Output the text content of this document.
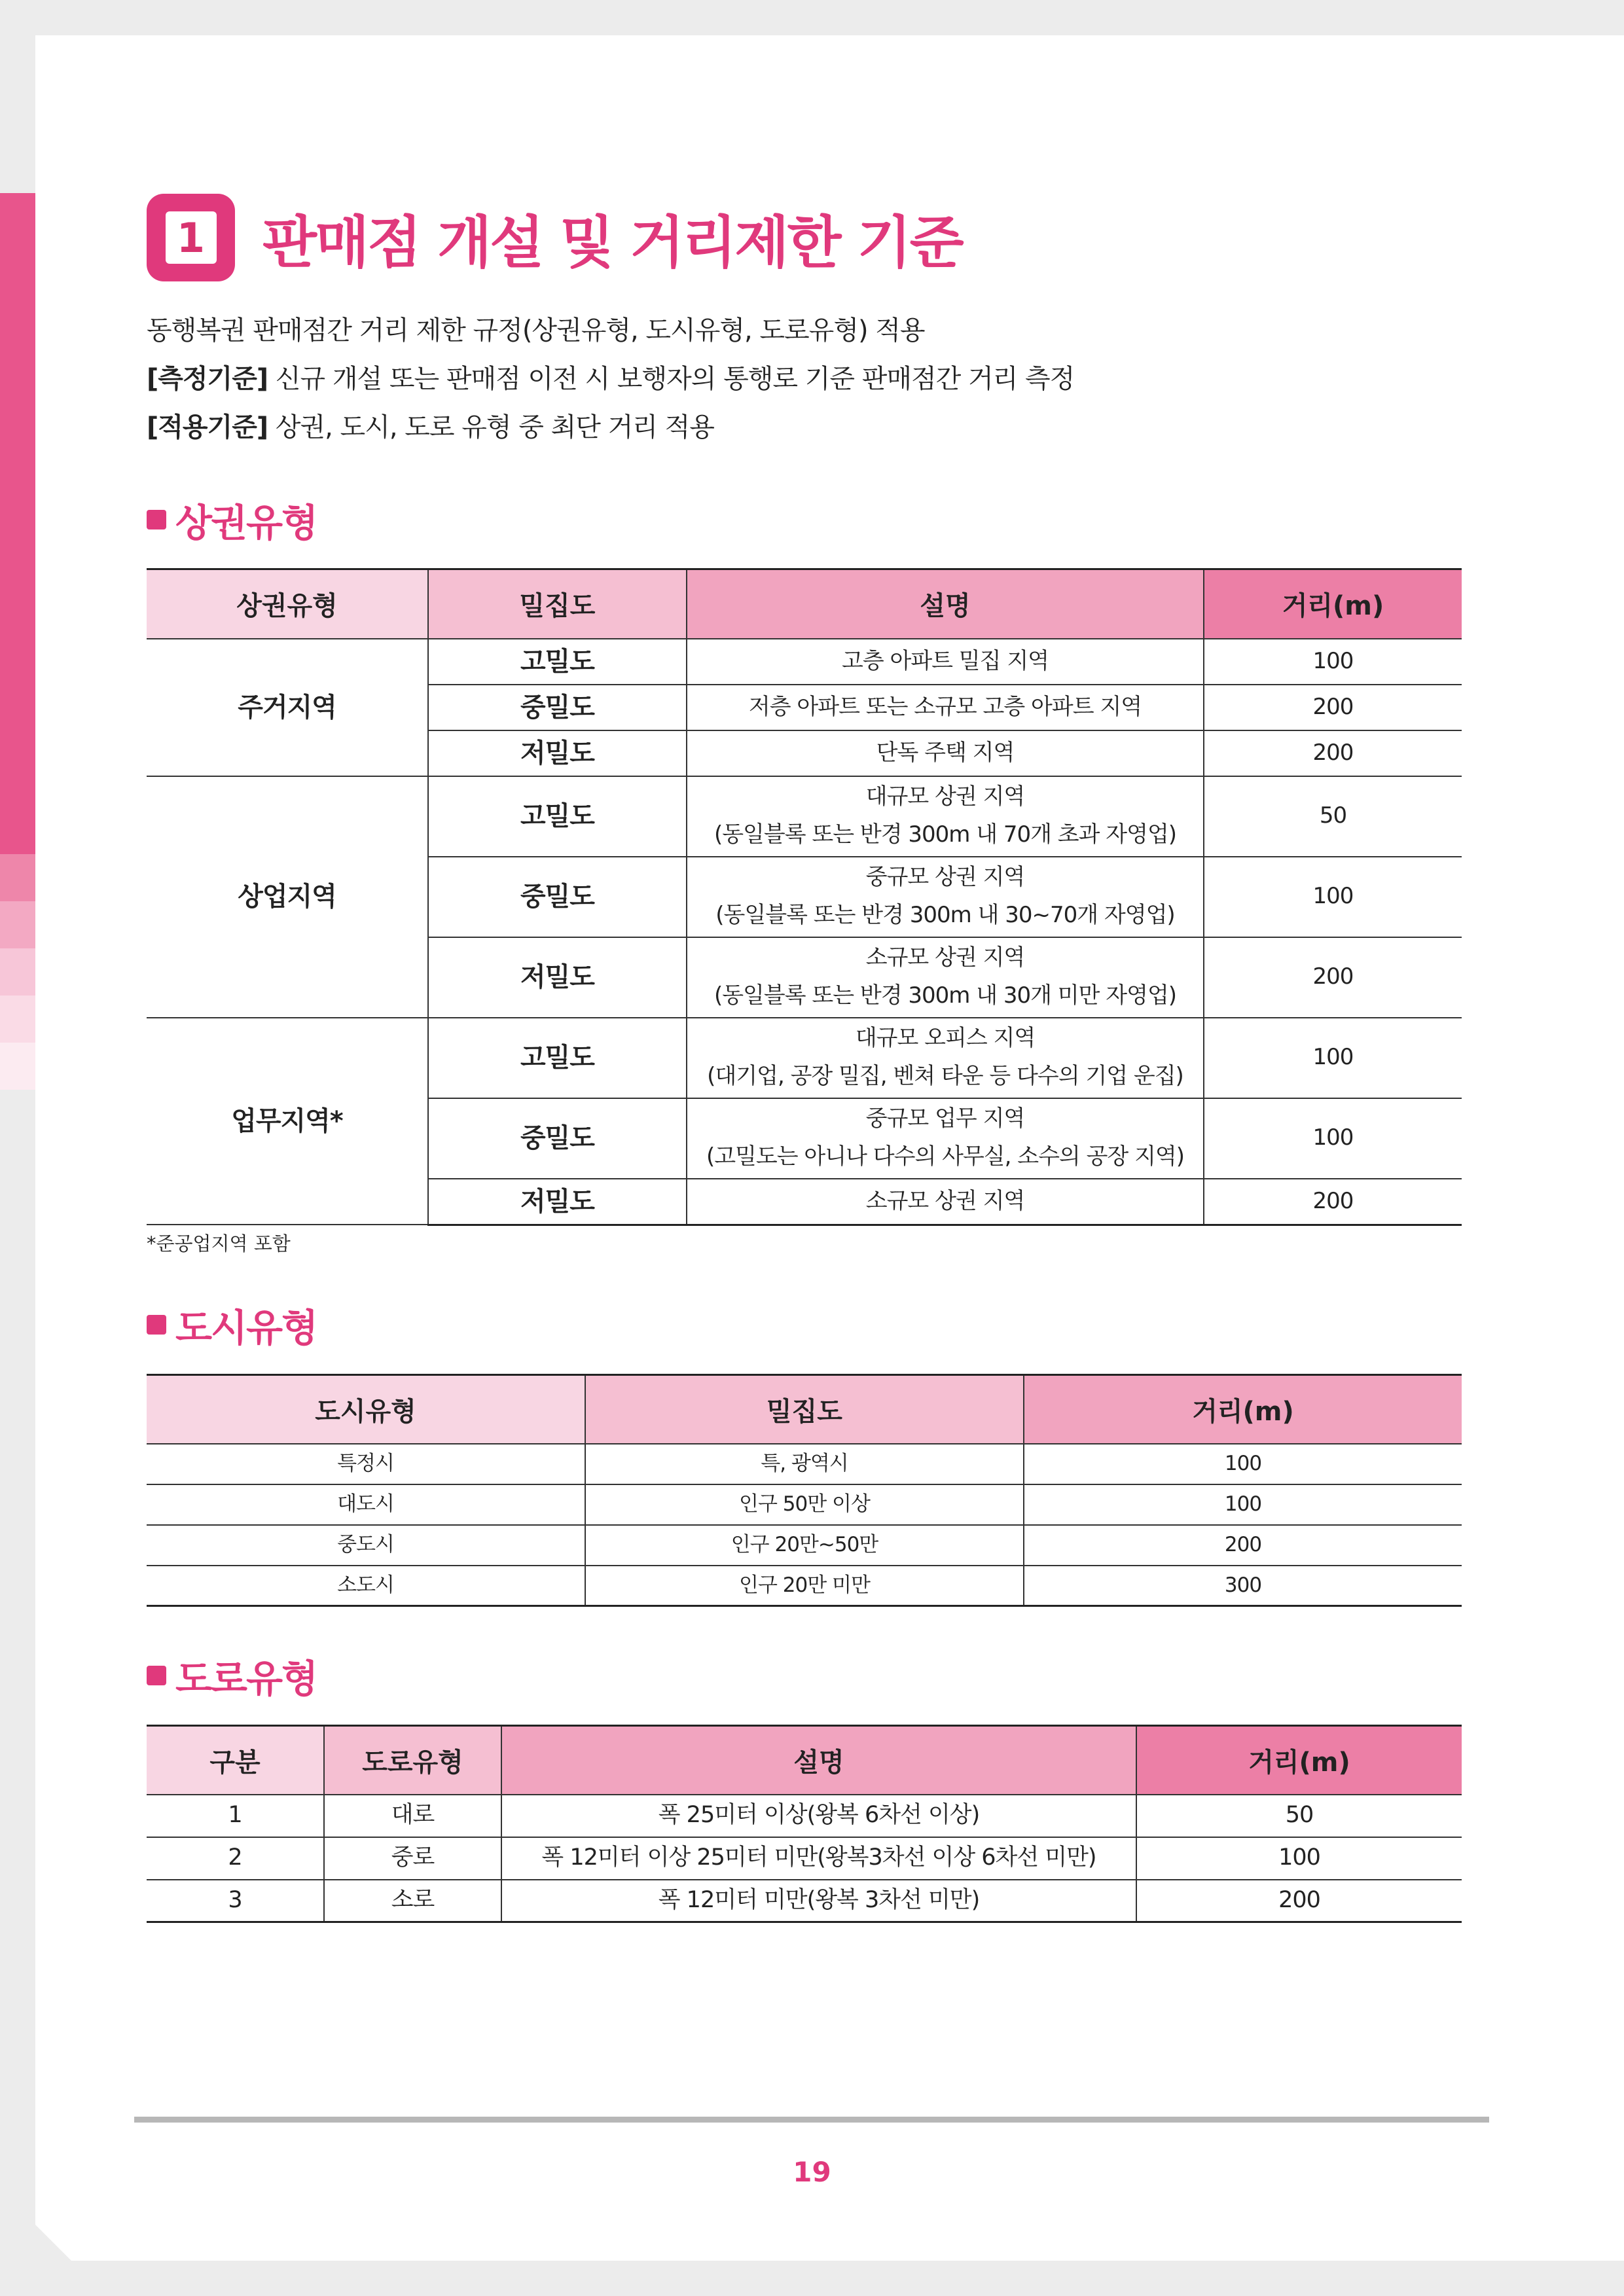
1 판매점 개설 및 거리제한 기준
동행복권 판매점간 거리 제한 규정(상권유형, 도시유형, 도로유형) 적용
[측정기준] 신규 개설 또는 판매점 이전 시 보행자의 통행로 기준 판매점간 거리 측정
[적용기준] 상권, 도시, 도로 유형 중 최단 거리 적용
상권유형
상권유형	밀집도	설명	거리(m)
주거지역	고밀도	고층 아파트 밀집 지역	100
	중밀도	저층 아파트 또는 소규모 고층 아파트 지역	200
	저밀도	단독 주택 지역	200
상업지역	고밀도	대규모 상권 지역
(동일블록 또는 반경 300m 내 70개 초과 자영업)	50
	중밀도	중규모 상권 지역
(동일블록 또는 반경 300m 내 30~70개 자영업)	100
	저밀도	소규모 상권 지역
(동일블록 또는 반경 300m 내 30개 미만 자영업)	200
업무지역*	고밀도	대규모 오피스 지역
(대기업, 공장 밀집, 벤쳐 타운 등 다수의 기업 운집)	100
	중밀도	중규모 업무 지역
(고밀도는 아니나 다수의 사무실, 소수의 공장 지역)	100
	저밀도	소규모 상권 지역	200
*준공업지역 포함
도시유형
도시유형	밀집도	거리(m)
특정시	특, 광역시	100
대도시	인구 50만 이상	100
중도시	인구 20만~50만	200
소도시	인구 20만 미만	300
도로유형
구분	도로유형	설명	거리(m)
1	대로	폭 25미터 이상(왕복 6차선 이상)	50
2	중로	폭 12미터 이상 25미터 미만(왕복3차선 이상 6차선 미만)	100
3	소로	폭 12미터 미만(왕복 3차선 미만)	200
19
